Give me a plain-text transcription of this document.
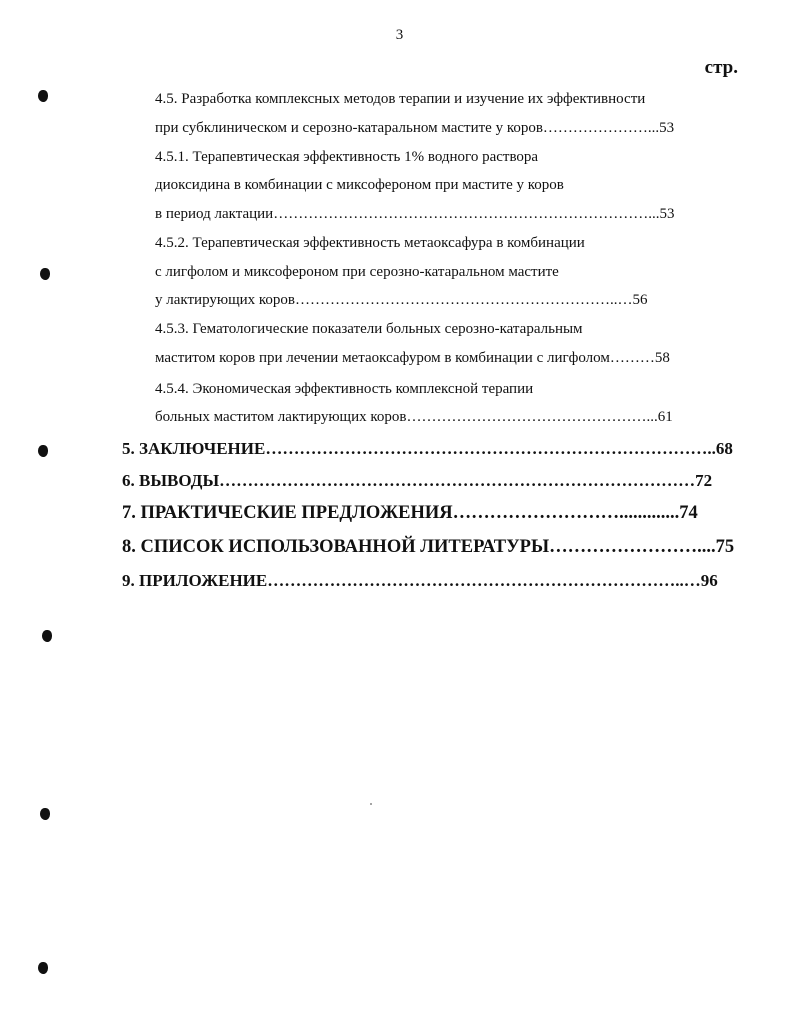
3
стр.
4.5. Разработка комплексных методов терапии и изучение их эффективности
при субклиническом и серозно-катаральном мастите у коров…………………...53
4.5.1. Терапевтическая эффективность 1% водного раствора
диоксидина в комбинации с миксофероном при мастите у коров
в период лактации…………………………………………………………………...53
4.5.2. Терапевтическая эффективность метаоксафура в комбинации
с лигфолом и миксофероном при серозно-катаральном мастите
у лактирующих коров………………………………………………………..…56
4.5.3. Гематологические показатели больных серозно-катаральным
маститом коров при лечении метаоксафуром в комбинации с лигфолом………58
4.5.4. Экономическая эффективность комплексной терапии
больных маститом лактирующих коров…………………………………………...61
5. ЗАКЛЮЧЕНИЕ……………………………………………………………………..68
6. ВЫВОДЫ…………………………………………………………………………72
7. ПРАКТИЧЕСКИЕ ПРЕДЛОЖЕНИЯ……………………….............74
8. СПИСОК ИСПОЛЬЗОВАННОЙ ЛИТЕРАТУРЫ……………………....75
9. ПРИЛОЖЕНИЕ………………………………………………………………..…96
